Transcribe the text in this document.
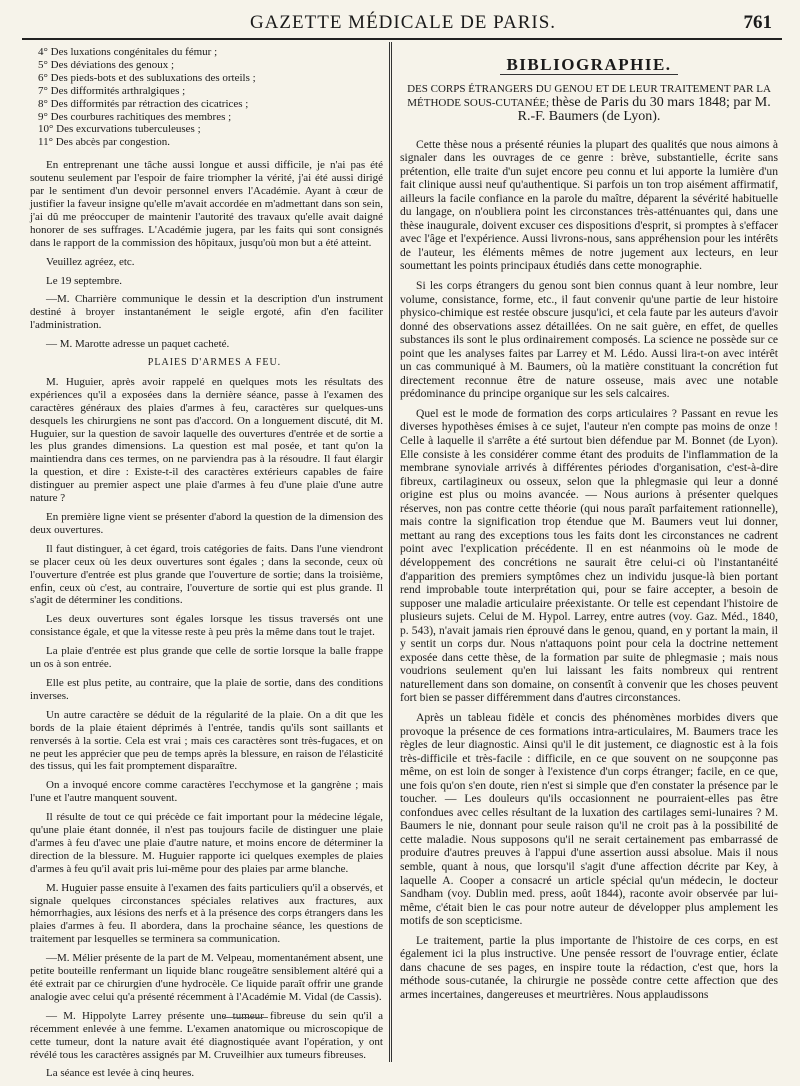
GAZETTE MÉDICALE DE PARIS.	761
4° Des luxations congénitales du fémur ;
5° Des déviations des genoux ;
6° Des pieds-bots et des subluxations des orteils ;
7° Des difformités arthralgiques ;
8° Des difformités par rétraction des cicatrices ;
9° Des courbures rachitiques des membres ;
10° Des excurvations tuberculeuses ;
11° Des abcès par congestion.

En entreprenant une tâche aussi longue et aussi difficile, je n'ai pas été soutenu seulement par l'espoir de faire triompher la vérité, j'ai été aussi dirigé par le sentiment d'un devoir personnel envers l'Académie. Ayant à cœur de justifier la faveur insigne qu'elle m'avait accordée en m'admettant dans son sein, j'ai dû me préoccuper de maintenir l'autorité des travaux qu'elle avait daigné honorer de ses suffrages. L'Académie jugera, par les faits qui sont consignés dans le rapport de la commission des hôpitaux, jusqu'où mon but a été atteint.

Veuillez agréez, etc.

Le 19 septembre.

—M. Charrière communique le dessin et la description d'un instrument destiné à broyer instantanément le seigle ergoté, afin d'en faciliter l'administration.

— M. Marotte adresse un paquet cacheté.

PLAIES D'ARMES A FEU.

M. Huguier, après avoir rappelé en quelques mots les résultats des expériences qu'il a exposées dans la dernière séance, passe à l'examen des caractères généraux des plaies d'armes à feu, caractères sur quelques-uns desquels les chirurgiens ne sont pas d'accord. On a longuement discuté, dit M. Huguier, sur la question de savoir laquelle des ouvertures d'entrée et de sortie a les plus grandes dimensions. La question est mal posée, et tant qu'on la maintiendra dans ces termes, on ne parviendra pas à la résoudre. Il faut élargir la question, et dire : Existe-t-il des caractères extérieurs capables de faire distinguer au premier aspect une plaie d'armes à feu d'une plaie d'une autre nature ?

En première ligne vient se présenter d'abord la question de la dimension des deux ouvertures.

Il faut distinguer, à cet égard, trois catégories de faits. Dans l'une viendront se placer ceux où les deux ouvertures sont égales ; dans la seconde, ceux où l'ouverture d'entrée est plus grande que l'ouverture de sortie; dans la troisième, enfin, ceux où c'est, au contraire, l'ouverture de sortie qui est plus grande. Il s'agit de déterminer les conditions.

Les deux ouvertures sont égales lorsque les tissus traversés ont une consistance égale, et que la vitesse reste à peu près la même dans tout le trajet.

La plaie d'entrée est plus grande que celle de sortie lorsque la balle frappe un os à son entrée.

Elle est plus petite, au contraire, que la plaie de sortie, dans des conditions inverses.

Un autre caractère se déduit de la régularité de la plaie. On a dit que les bords de la plaie étaient déprimés à l'entrée, tandis qu'ils sont saillants et renversés à la sortie. Cela est vrai ; mais ces caractères sont très-fugaces, et on ne peut les apprécier que peu de temps après la blessure, en raison de l'élasticité des tissus, qui les fait promptement disparaître.

On a invoqué encore comme caractères l'ecchymose et la gangrène ; mais l'une et l'autre manquent souvent.

Il résulte de tout ce qui précède ce fait important pour la médecine légale, qu'une plaie étant donnée, il n'est pas toujours facile de distinguer une plaie d'armes à feu d'avec une plaie d'autre nature, et moins encore de déterminer la direction de la blessure. M. Huguier rapporte ici quelques exemples de plaies d'armes à feu qu'il avait pris lui-même pour des plaies par arme blanche.

M. Huguier passe ensuite à l'examen des faits particuliers qu'il a observés, et signale quelques circonstances spéciales relatives aux fractures, aux hémorrhagies, aux lésions des nerfs et à la présence des corps étrangers dans les plaies d'armes à feu. Il abordera, dans la prochaine séance, les questions de traitement par lesquelles se terminera sa communication.

—M. Mélier présente de la part de M. Velpeau, momentanément absent, une petite bouteille renfermant un liquide blanc rougeâtre sensiblement altéré qui a été extrait par ce chirurgien d'une hydrocèle. Ce liquide paraît offrir une grande analogie avec celui qu'a présenté récemment à l'Académie M. Vidal (de Cassis).

— M. Hippolyte Larrey présente une tumeur fibreuse du sein qu'il a récemment enlevée à une femme. L'examen anatomique ou microscopique de cette tumeur, dont la nature avait été diagnostiquée avant l'opération, y ont révélé tous les caractères assignés par M. Cruveilhier aux tumeurs fibreuses.

La séance est levée à cinq heures.

BIBLIOGRAPHIE.
DES CORPS ÉTRANGERS DU GENOU ET DE LEUR TRAITEMENT PAR LA MÉTHODE SOUS-CUTANÉE; thèse de Paris du 30 mars 1848; par M. R.-F. Baumers (de Lyon).

Cette thèse nous a présenté réunies la plupart des qualités que nous aimons à signaler dans les ouvrages de ce genre : brève, substantielle, écrite sans prétention, elle traite d'un sujet encore peu connu et lui apporte la lumière d'un fait clinique aussi neuf qu'authentique. Si parfois un ton trop aisément affirmatif, ailleurs la facile confiance en la parole du maître, déparent la sévérité habituelle du langage, on n'oubliera point les circonstances très-atténuantes qui, dans une thèse inaugurale, doivent excuser ces dispositions d'esprit, si promptes à s'effacer avec l'âge et l'expérience. Aussi livrons-nous, sans appréhension pour les intérêts de l'auteur, les éléments mêmes de notre jugement aux lecteurs, en leur soumettant les points principaux étudiés dans cette monographie.

Si les corps étrangers du genou sont bien connus quant à leur nombre, leur volume, consistance, forme, etc., il faut convenir qu'une partie de leur histoire physico-chimique est restée obscure jusqu'ici, et cela faute par les auteurs d'avoir donné des observations assez détaillées. On ne sait guère, en effet, de quelles substances ils sont le plus ordinairement composés. La science ne possède sur ce point que les analyses faites par Larrey et M. Lédo. Aussi lira-t-on avec intérêt un cas communiqué à M. Baumers, où la matière constituant la concrétion fut directement reconnue être de nature osseuse, mais avec une notable prédominance du principe organique sur les sels calcaires.

Quel est le mode de formation des corps articulaires ? Passant en revue les diverses hypothèses émises à ce sujet, l'auteur n'en compte pas moins de onze ! Celle à laquelle il s'arrête a été surtout bien défendue par M. Bonnet (de Lyon). Elle consiste à les considérer comme étant des produits de l'inflammation de la membrane synoviale arrivés à différentes périodes d'organisation, c'est-à-dire fibreux, cartilagineux ou osseux, selon que la phlegmasie qui leur a donné origine est plus ou moins avancée. — Nous aurions à présenter quelques réserves, non pas contre cette théorie (qui nous paraît parfaitement rationnelle), mais contre la signification trop étendue que M. Baumers veut lui donner, mettant au rang des exceptions tous les faits dont les circonstances ne cadrent point avec l'explication précédente. Il en est néanmoins où le mode de développement des concrétions ne saurait être celui-ci où l'instantanéité d'apparition des premiers symptômes chez un individu jusque-là bien portant rend improbable toute interprétation qui, pour se faire accepter, a besoin de supposer une maladie articulaire préexistante. Or telle est cependant l'histoire de plusieurs sujets. Celui de M. Hypol. Larrey, entre autres (voy. Gaz. Méd., 1840, p. 543), n'avait jamais rien éprouvé dans le genou, quand, en y portant la main, il y sentit un corps dur. Nous n'attaquons point pour cela la doctrine nettement exposée dans cette thèse, de la formation par suite de phlegmasie ; mais nous voudrions seulement qu'en lui laissant les faits nombreux qui rentrent naturellement dans son domaine, on consentît à convenir que les choses peuvent fort bien se passer différemment dans d'autres circonstances.

Après un tableau fidèle et concis des phénomènes morbides divers que provoque la présence de ces formations intra-articulaires, M. Baumers trace les règles de leur diagnostic. Ainsi qu'il le dit justement, ce diagnostic est à la fois très-difficile et très-facile : difficile, en ce que souvent on ne soupçonne pas même, on est loin de songer à l'existence d'un corps étranger; facile, en ce que, une fois qu'on s'en doute, rien n'est si simple que d'en constater la présence par le toucher. — Les douleurs qu'ils occasionnent ne pourraient-elles pas être confondues avec celles résultant de la luxation des cartilages semi-lunaires ? M. Baumers le nie, donnant pour seule raison qu'il ne croit pas à la possibilité de cette maladie. Nous supposons qu'il ne serait certainement pas embarrassé de produire d'autres preuves à l'appui d'une assertion aussi absolue. Mais il nous semble, quant à nous, que lorsqu'il s'agit d'une affection décrite par Key, à laquelle A. Cooper a consacré un article spécial qu'un médecin, le docteur Sandham (voy. Dublin med. press, août 1844), raconte avoir observée par lui-même, c'était bien le cas pour notre auteur de développer plus amplement les motifs de son scepticisme.

Le traitement, partie la plus importante de l'histoire de ces corps, en est également ici la plus instructive. Une pensée ressort de l'ouvrage entier, éclate dans chacune de ses pages, en inspire toute la rédaction, c'est que, hors la méthode sous-cutanée, la chirurgie ne possède contre cette affection que des armes incertaines, dangereuses et meurtrières. Nous applaudissons
